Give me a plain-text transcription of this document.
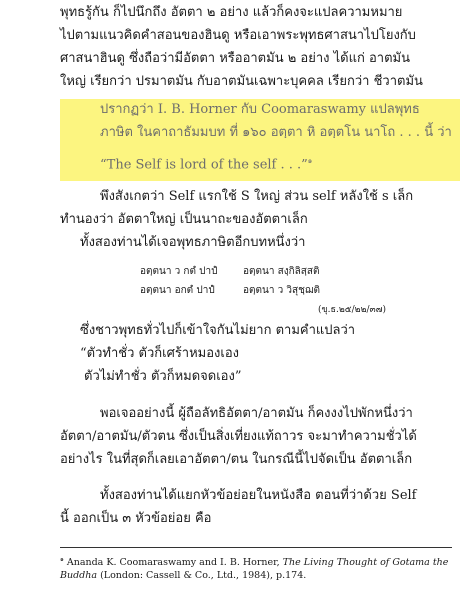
พุทธรู้กัน ก็ไปนึกถึง อัตตา ๒ อย่าง แล้วก็คงจะแปลความหมาย
ไปตามแนวคิดคำสอนของฮินดู หรือเอาพระพุทธศาสนาไปโยงกับ
ศาสนาฮินดู ซึ่งถือว่ามีอัตตา หรืออาตมัน ๒ อย่าง ได้แก่ อาตมัน
ใหญ่ เรียกว่า ปรมาตมัน กับอาตมันเฉพาะบุคคล เรียกว่า ชีวาตมัน
ปรากฏว่า I. B. Horner กับ Coomaraswamy แปลพุทธ
ภาษิต ในคาถาธัมมบท ที่ ๑๖๐ อตฺตา หิ อตฺตโน นาโถ . . . นี้ ว่า
“The Self is lord of the self . . .”$^๑$
พึงสังเกตว่า Self แรกใช้ S ใหญ่ ส่วน self หลังใช้ s เล็ก
ทำนองว่า อัตตาใหญ่ เป็นนาถะของอัตตาเล็ก
ทั้งสองท่านได้เจอพุทธภาษิตอีกบทหนึ่งว่า
อตฺตนา ว กตํ ปาปํ	อตฺตนา สงฺกิลิสฺสติ
อตฺตนา อกตํ ปาปํ	อตฺตนา ว วิสุชฺฌติ
(ขุ.ธ.๒๕/๒๒/๓๗)
ซึ่งชาวพุทธทั่วไปก็เข้าใจกันไม่ยาก ตามคำแปลว่า
“ตัวทำชั่ว ตัวก็เศร้าหมองเอง
ตัวไม่ทำชั่ว ตัวก็หมดจดเอง”
พอเจออย่างนี้ ผู้ถือลัทธิอัตตา/อาตมัน ก็คงงงไปพักหนึ่งว่า
อัตตา/อาตมัน/ตัวตน ซึ่งเป็นสิ่งเที่ยงแท้ถาวร จะมาทำความชั่วได้
อย่างไร ในที่สุดก็เลยเอาอัตตา/ตน ในกรณีนี้ไปจัดเป็น อัตตาเล็ก
ทั้งสองท่านได้แยกหัวข้อย่อยในหนังสือ ตอนที่ว่าด้วย Self
นี้ ออกเป็น ๓ หัวข้อย่อย คือ
$^๑$ Ananda K. Coomaraswamy and I. B. Horner, The Living Thought of Gotama the Buddha (London: Cassell & Co., Ltd., 1984), p.174.
